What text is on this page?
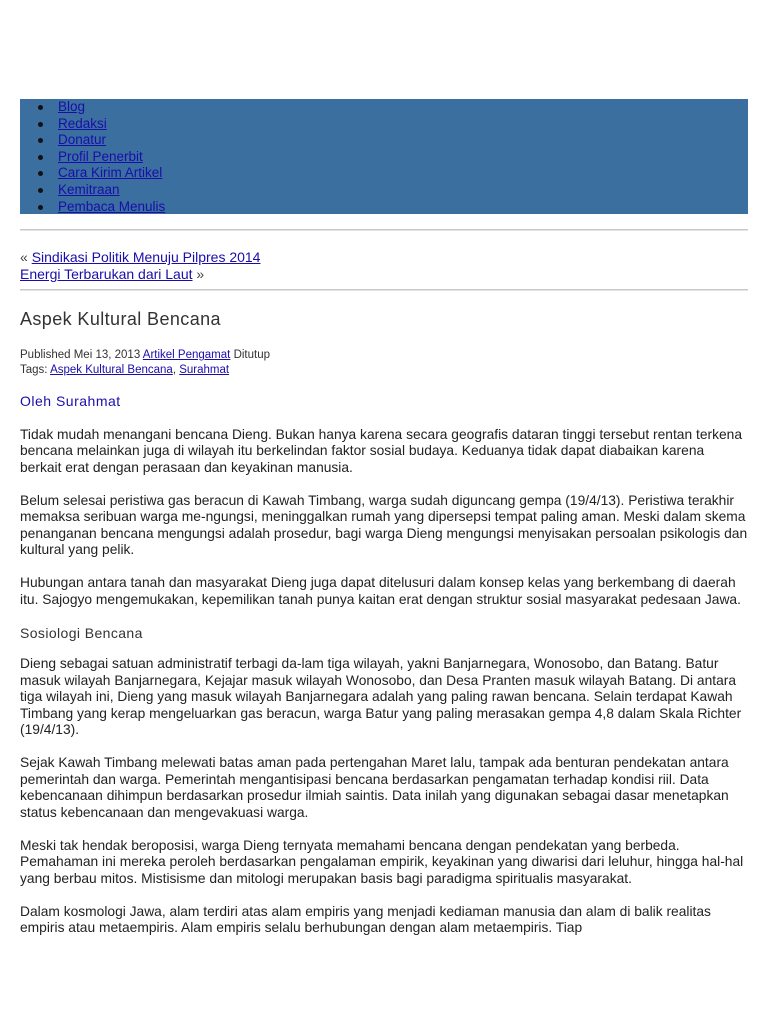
Blog
Redaksi
Donatur
Profil Penerbit
Cara Kirim Artikel
Kemitraan
Pembaca Menulis
« Sindikasi Politik Menuju Pilpres 2014
Energi Terbarukan dari Laut »
Aspek Kultural Bencana
Published Mei 13, 2013 Artikel Pengamat Ditutup
Tags: Aspek Kultural Bencana, Surahmat
Oleh Surahmat

Tidak mudah menangani bencana Dieng. Bukan hanya karena secara geografis dataran tinggi tersebut rentan terkena bencana melainkan juga di wilayah itu berkelindan faktor sosial budaya. Keduanya tidak dapat diabaikan karena berkait erat dengan perasaan dan keyakinan manusia.

Belum selesai peristiwa gas beracun di Kawah Timbang, warga sudah diguncang gempa (19/4/13). Peristiwa terakhir memaksa seribuan warga me-ngungsi, meninggalkan rumah yang dipersepsi tempat paling aman. Meski dalam skema penanganan bencana mengungsi adalah prosedur, bagi warga Dieng mengungsi menyisakan persoalan psikologis dan kultural yang pelik.

Hubungan antara tanah dan masyarakat Dieng juga dapat ditelusuri dalam konsep kelas yang berkembang di daerah itu. Sajogyo mengemukakan, kepemilikan tanah punya kaitan erat dengan struktur sosial masyarakat pedesaan Jawa.

Sosiologi Bencana

Dieng sebagai satuan administratif terbagi da-lam tiga wilayah, yakni Banjarnegara, Wonosobo, dan Batang. Batur masuk wilayah Banjarnegara, Kejajar masuk wilayah Wonosobo, dan Desa Pranten masuk wilayah Batang. Di antara tiga wilayah ini, Dieng yang masuk wilayah Banjarnegara adalah yang paling rawan bencana. Selain terdapat Kawah Timbang yang kerap mengeluarkan gas beracun, warga Batur yang paling merasakan gempa 4,8 dalam Skala Richter (19/4/13).

Sejak Kawah Timbang melewati batas aman pada pertengahan Maret lalu, tampak ada benturan pendekatan antara pemerintah dan warga. Pemerintah mengantisipasi bencana berdasarkan pengamatan terhadap kondisi riil. Data kebencanaan dihimpun berdasarkan prosedur ilmiah saintis. Data inilah yang digunakan sebagai dasar menetapkan status kebencanaan dan mengevakuasi warga.

Meski tak hendak beroposisi, warga Dieng ternyata memahami bencana dengan pendekatan yang berbeda. Pemahaman ini mereka peroleh berdasarkan pengalaman empirik, keyakinan yang diwarisi dari leluhur, hingga hal-hal yang berbau mitos. Mistisisme dan mitologi merupakan basis bagi paradigma spiritualis masyarakat.

Dalam kosmologi Jawa, alam terdiri atas alam empiris yang menjadi kediaman manusia dan alam di balik realitas empiris atau metaempiris. Alam empiris selalu berhubungan dengan alam metaempiris. Tiap
